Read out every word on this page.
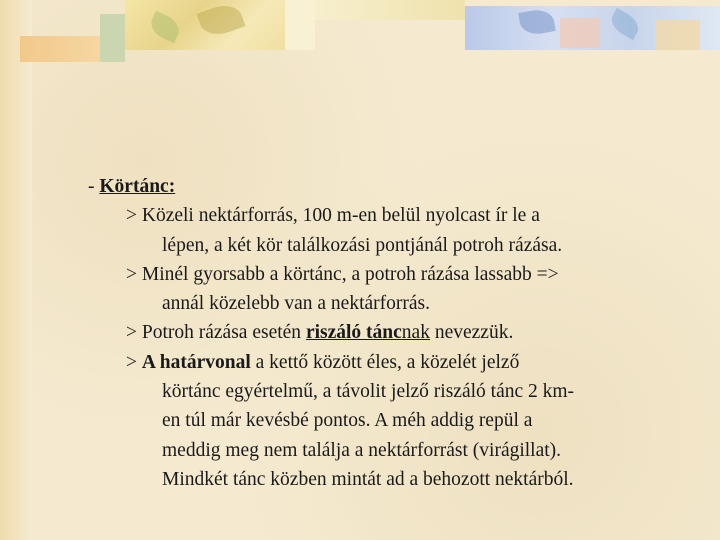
- Körtánc:
> Közeli nektárforrás, 100 m-en belül nyolcast ír le a
lépen, a két kör találkozási pontjánál potroh rázása.
> Minél gyorsabb a körtánc, a potroh rázása lassabb =>
annál közelebb van a nektárforrás.
> Potroh rázása esetén riszáló táncnak nevezzük.
> A határvonal a kettő között éles, a közelét jelző
körtánc egyértelmű, a távolit jelző riszáló tánc 2 km-
en túl már kevésbé pontos. A méh addig repül a
meddig meg nem találja a nektárforrást (virágillat).
Mindkét tánc közben mintát ad a behozott nektárból.
